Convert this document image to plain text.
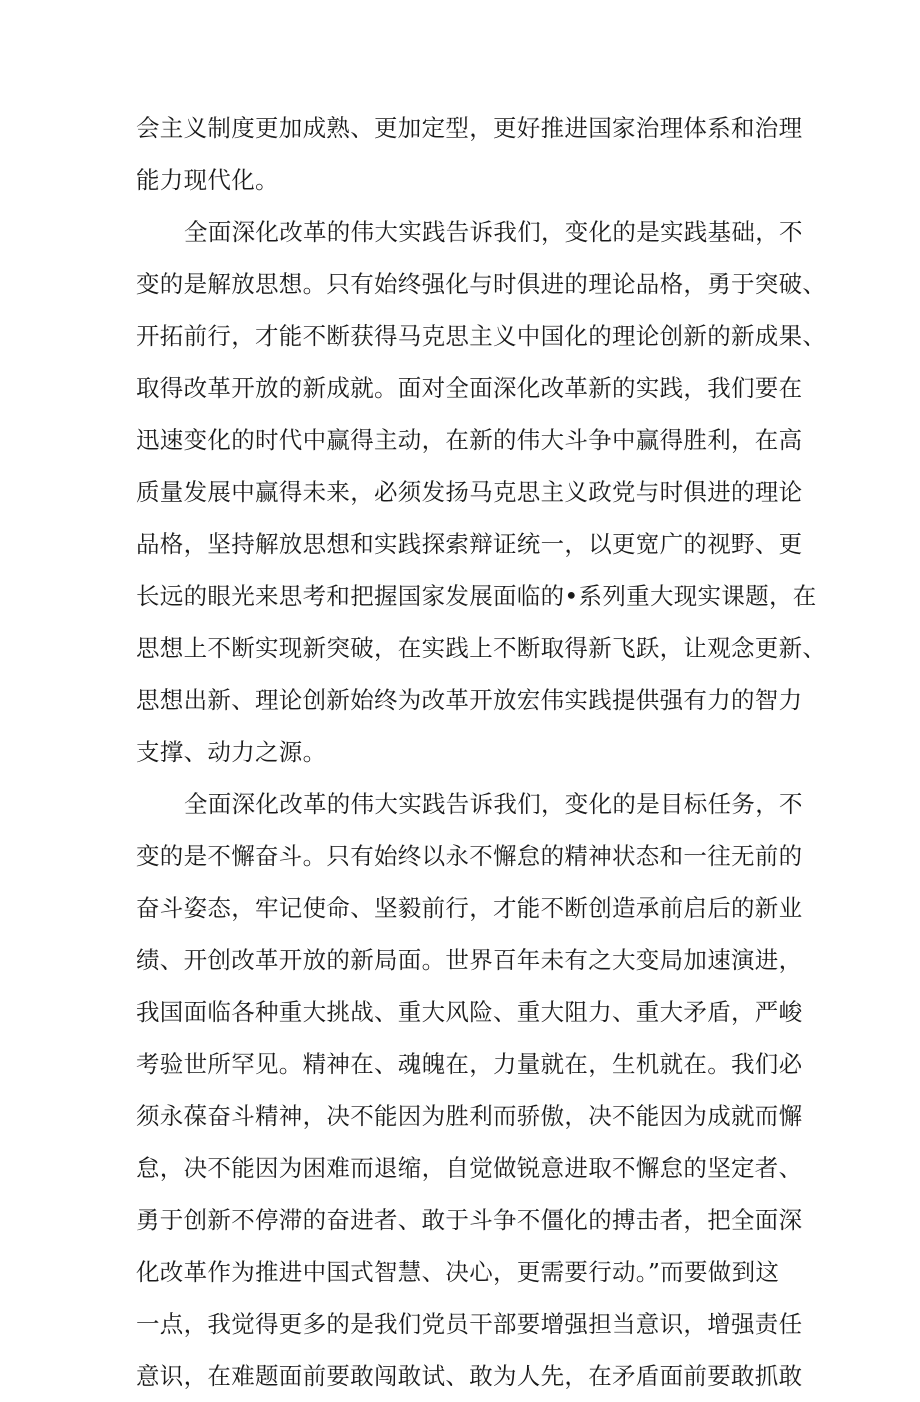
会主义制度更加成熟、更加定型，更好推进国家治理体系和治理
能力现代化。
全面深化改革的伟大实践告诉我们，变化的是实践基础，不
变的是解放思想。只有始终强化与时俱进的理论品格，勇于突破、
开拓前行，才能不断获得马克思主义中国化的理论创新的新成果、
取得改革开放的新成就。面对全面深化改革新的实践，我们要在
迅速变化的时代中赢得主动，在新的伟大斗争中赢得胜利，在高
质量发展中赢得未来，必须发扬马克思主义政党与时俱进的理论
品格，坚持解放思想和实践探索辩证统一，以更宽广的视野、更
长远的眼光来思考和把握国家发展面临的•系列重大现实课题，在
思想上不断实现新突破，在实践上不断取得新飞跃，让观念更新、
思想出新、理论创新始终为改革开放宏伟实践提供强有力的智力
支撑、动力之源。
全面深化改革的伟大实践告诉我们，变化的是目标任务，不
变的是不懈奋斗。只有始终以永不懈怠的精神状态和一往无前的
奋斗姿态，牢记使命、坚毅前行，才能不断创造承前启后的新业
绩、开创改革开放的新局面。世界百年未有之大变局加速演进，
我国面临各种重大挑战、重大风险、重大阻力、重大矛盾，严峻
考验世所罕见。精神在、魂魄在，力量就在，生机就在。我们必
须永葆奋斗精神，决不能因为胜利而骄傲，决不能因为成就而懈
怠，决不能因为困难而退缩，自觉做锐意进取不懈怠的坚定者、
勇于创新不停滞的奋进者、敢于斗争不僵化的搏击者，把全面深
化改革作为推进中国式智慧、决心，更需要行动。”而要做到这
一点，我觉得更多的是我们党员干部要增强担当意识，增强责任
意识，在难题面前要敢闯敢试、敢为人先，在矛盾面前要敢抓敢
